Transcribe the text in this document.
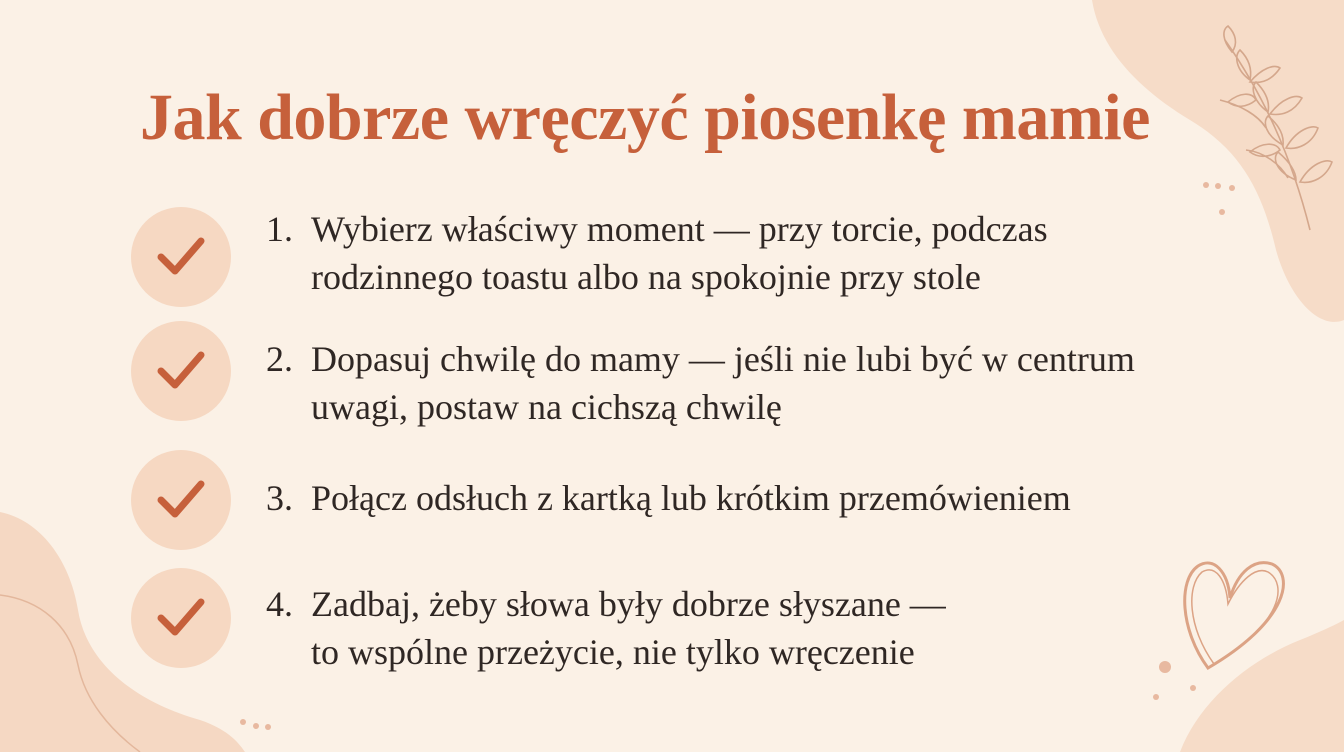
Jak dobrze wręczyć piosenkę mamie
1. Wybierz właściwy moment — przy torcie, podczas
rodzinnego toastu albo na spokojnie przy stole
2. Dopasuj chwilę do mamy — jeśli nie lubi być w centrum
uwagi, postaw na cichszą chwilę
3. Połącz odsłuch z kartką lub krótkim przemówieniem
4. Zadbaj, żeby słowa były dobrze słyszane —
to wspólne przeżycie, nie tylko wręczenie
